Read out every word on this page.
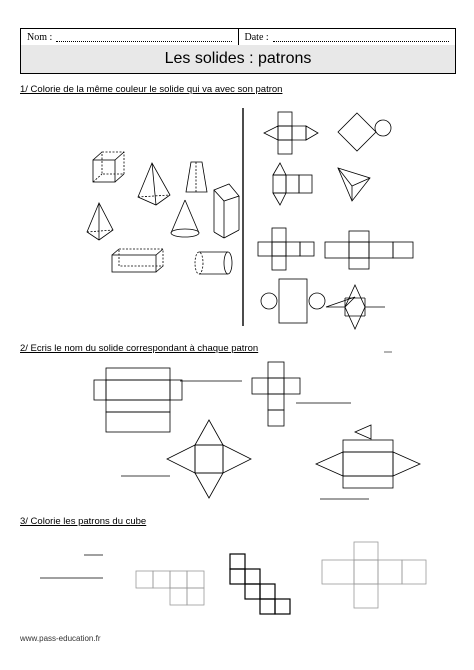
Nom :	Date :
Les solides : patrons
1/ Colorie de la même couleur le solide qui va avec son patron
2/ Ecris le nom du solide correspondant à chaque patron
3/ Colorie les patrons du cube
www.pass-education.fr
